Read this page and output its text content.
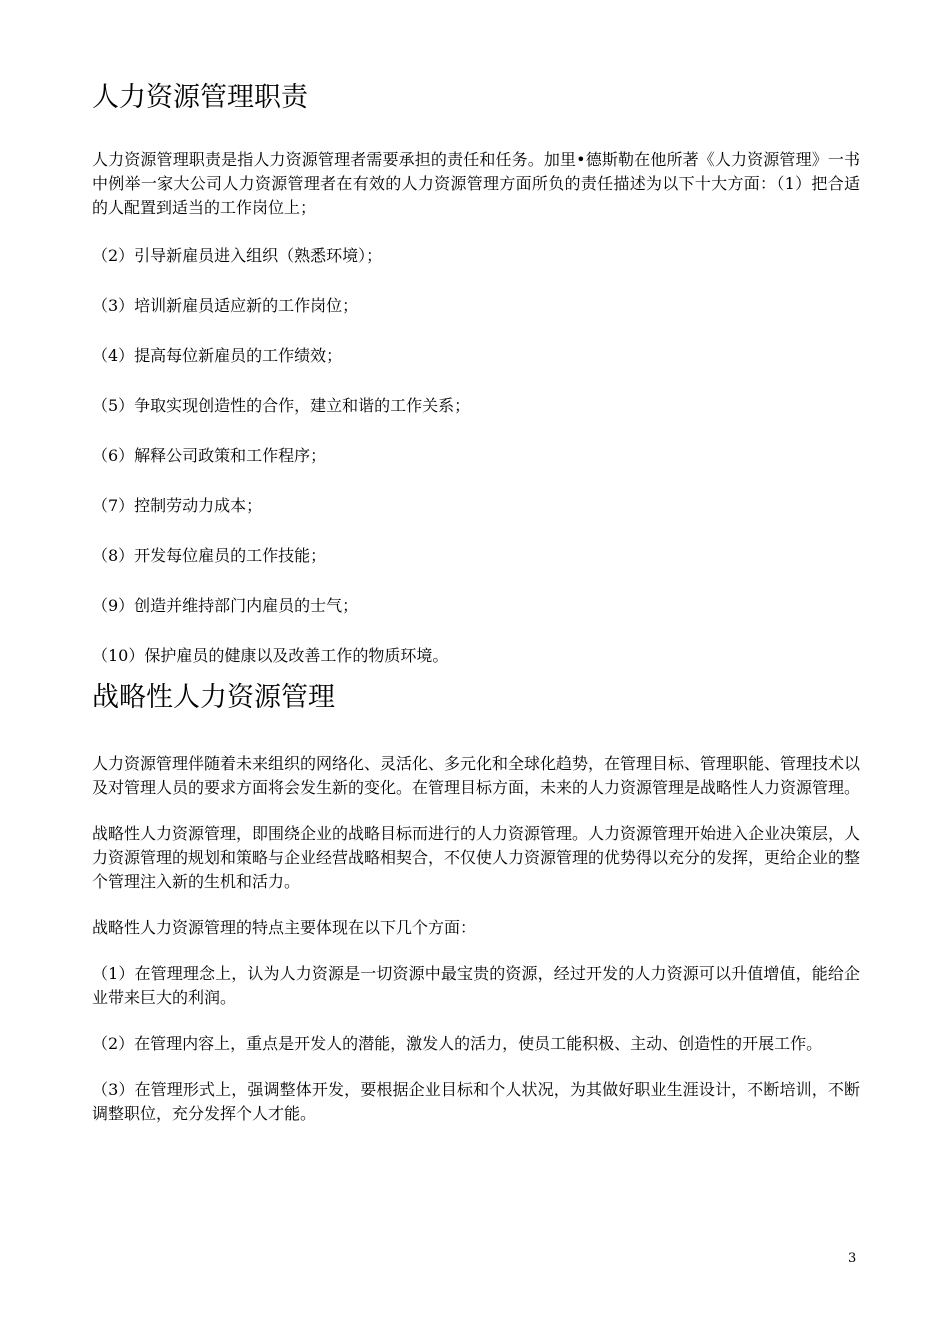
人力资源管理职责

人力资源管理职责是指人力资源管理者需要承担的责任和任务。加里•德斯勒在他所著《人力资源管理》一书中例举一家大公司人力资源管理者在有效的人力资源管理方面所负的责任描述为以下十大方面：（1）把合适的人配置到适当的工作岗位上；

（2）引导新雇员进入组织（熟悉环境）；

（3）培训新雇员适应新的工作岗位；

（4）提高每位新雇员的工作绩效；

（5）争取实现创造性的合作，建立和谐的工作关系；

（6）解释公司政策和工作程序；

（7）控制劳动力成本；

（8）开发每位雇员的工作技能；

（9）创造并维持部门内雇员的士气；

（10）保护雇员的健康以及改善工作的物质环境。

战略性人力资源管理

人力资源管理伴随着未来组织的网络化、灵活化、多元化和全球化趋势，在管理目标、管理职能、管理技术以及对管理人员的要求方面将会发生新的变化。在管理目标方面，未来的人力资源管理是战略性人力资源管理。

战略性人力资源管理，即围绕企业的战略目标而进行的人力资源管理。人力资源管理开始进入企业决策层，人力资源管理的规划和策略与企业经营战略相契合，不仅使人力资源管理的优势得以充分的发挥，更给企业的整个管理注入新的生机和活力。

战略性人力资源管理的特点主要体现在以下几个方面：

（1）在管理理念上，认为人力资源是一切资源中最宝贵的资源，经过开发的人力资源可以升值增值，能给企业带来巨大的利润。

（2）在管理内容上，重点是开发人的潜能，激发人的活力，使员工能积极、主动、创造性的开展工作。

（3）在管理形式上，强调整体开发，要根据企业目标和个人状况，为其做好职业生涯设计，不断培训，不断调整职位，充分发挥个人才能。

3
